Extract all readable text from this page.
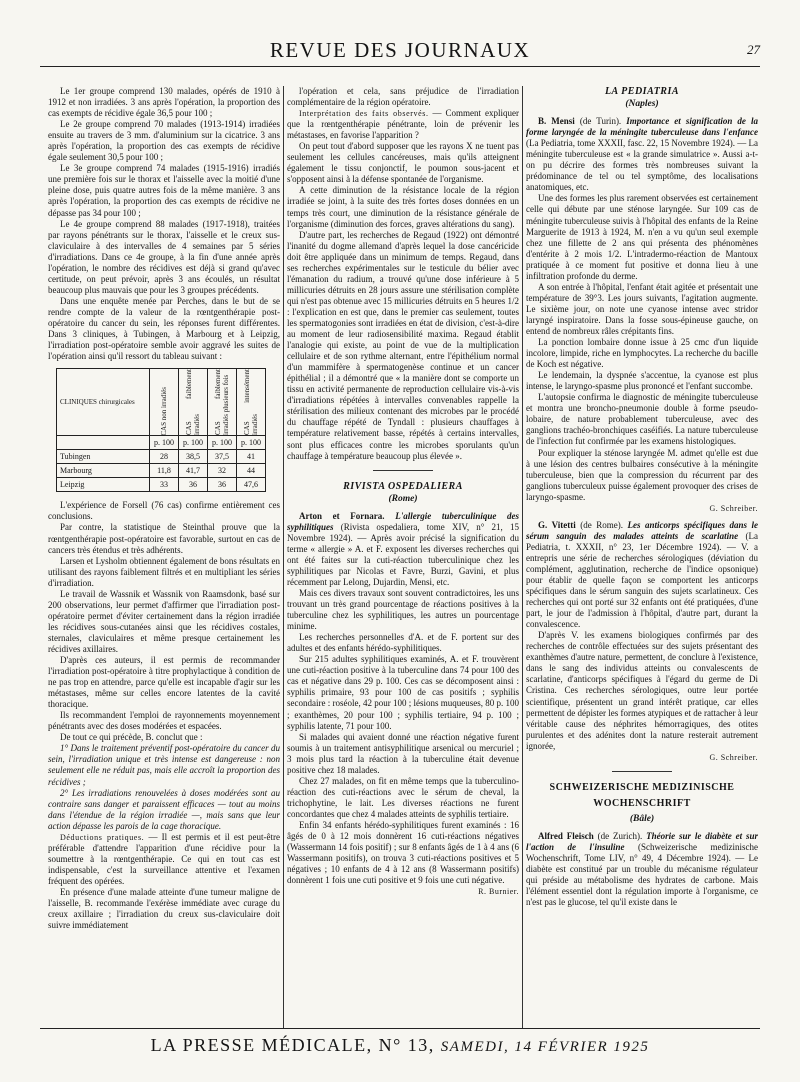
REVUE DES JOURNAUX	27

Le 1er groupe comprend 130 malades, opérés de 1910 à 1912 et non irradiées. 3 ans après l'opération, la proportion des cas exempts de récidive égale 36,5 pour 100 ;

Le 2e groupe comprend 70 malades (1913-1914) irradiées ensuite au travers de 3 mm. d'aluminium sur la cicatrice. 3 ans après l'opération, la proportion des cas exempts de récidive égale seulement 30,5 pour 100 ;

Le 3e groupe comprend 74 malades (1915-1916) irradiés une première fois sur le thorax et l'aisselle avec la moitié d'une pleine dose, puis quatre autres fois de la même manière. 3 ans après l'opération, la proportion des cas exempts de récidive ne dépasse pas 34 pour 100 ;

Le 4e groupe comprend 88 malades (1917-1918), traitées par rayons pénétrants sur le thorax, l'aisselle et le creux sus-claviculaire à des intervalles de 4 semaines par 5 séries d'irradiations. Dans ce 4e groupe, à la fin d'une année après l'opération, le nombre des récidives est déjà si grand qu'avec certitude, on peut prévoir, après 3 ans écoulés, un résultat beaucoup plus mauvais que pour les 3 groupes précédents.

Dans une enquête menée par Perches, dans le but de se rendre compte de la valeur de la rœntgenthérapie post-opératoire du cancer du sein, les réponses furent différentes. Dans 3 cliniques, à Tubingen, à Marbourg et à Leipzig, l'irradiation post-opératoire semble avoir aggravé les suites de l'opération ainsi qu'il ressort du tableau suivant :

CLINIQUES chirurgicales	CAS non irradiés	CAS faiblement irradiés	CAS faiblement irradiés plusieurs fois	CAS intensément irradiés

	p. 100	p. 100	p. 100	p. 100
Tubingen	28	38,5	37,5	41
Marbourg	11,8	41,7	32	44
Leipzig	33	36	36	47,6

L'expérience de Forsell (76 cas) confirme entièrement ces conclusions.

Par contre, la statistique de Steinthal prouve que la rœntgenthérapie post-opératoire est favorable, surtout en cas de cancers très étendus et très adhérents.

Larsen et Lysholm obtiennent également de bons résultats en utilisant des rayons faiblement filtrés et en multipliant les séries d'irradiation.

Le travail de Wassnik et Wassnik von Raamsdonk, basé sur 200 observations, leur permet d'affirmer que l'irradiation post-opératoire permet d'éviter certainement dans la région irradiée les récidives sous-cutanées ainsi que les récidives costales, sternales, claviculaires et même presque certainement les récidives axillaires.

D'après ces auteurs, il est permis de recommander l'irradiation post-opératoire à titre prophylactique à condition de ne pas trop en attendre, parce qu'elle est incapable d'agir sur les métastases, même sur celles encore latentes de la cavité thoracique.

Ils recommandent l'emploi de rayonnements moyennement pénétrants avec des doses modérées et espacées.

De tout ce qui précède, B. conclut que :

1° Dans le traitement préventif post-opératoire du cancer du sein, l'irradiation unique et très intense est dangereuse : non seulement elle ne réduit pas, mais elle accroît la proportion des récidives ;

2° Les irradiations renouvelées à doses modérées sont au contraire sans danger et paraissent efficaces — tout au moins dans l'étendue de la région irradiée —, mais sans que leur action dépasse les parois de la cage thoracique.

Déductions pratiques. — Il est permis et il est peut-être préférable d'attendre l'apparition d'une récidive pour la soumettre à la rœntgenthérapie. Ce qui en tout cas est indispensable, c'est la surveillance attentive et l'examen fréquent des opérées.

En présence d'une malade atteinte d'une tumeur maligne de l'aisselle, B. recommande l'exérèse immédiate avec curage du creux axillaire ; l'irradiation du creux sus-claviculaire doit suivre immédiatement

l'opération et cela, sans préjudice de l'irradiation complémentaire de la région opératoire.

Interprétation des faits observés. — Comment expliquer que la rœntgenthérapie pénétrante, loin de prévenir les métastases, en favorise l'apparition ?

On peut tout d'abord supposer que les rayons X ne tuent pas seulement les cellules cancéreuses, mais qu'ils atteignent également le tissu conjonctif, le poumon sous-jacent et s'opposent ainsi à la défense spontanée de l'organisme.

A cette diminution de la résistance locale de la région irradiée se joint, à la suite des très fortes doses données en un temps très court, une diminution de la résistance générale de l'organisme (diminution des forces, graves altérations du sang).

D'autre part, les recherches de Regaud (1922) ont démontré l'inanité du dogme allemand d'après lequel la dose cancéricide doit être appliquée dans un minimum de temps. Regaud, dans ses recherches expérimentales sur le testicule du bélier avec l'émanation du radium, a trouvé qu'une dose inférieure à 5 millicuries détruits en 28 jours assure une stérilisation complète qui n'est pas obtenue avec 15 millicuries détruits en 5 heures 1/2 : l'explication en est que, dans le premier cas seulement, toutes les spermatogonies sont irradiées en état de division, c'est-à-dire au moment de leur radiosensibilité maxima. Regaud établit l'analogie qui existe, au point de vue de la multiplication cellulaire et de son rythme alternant, entre l'épithélium normal d'un mammifère à spermatogenèse continue et un cancer épithélial ; il a démontré que « la manière dont se comporte un tissu en activité permanente de reproduction cellulaire vis-à-vis d'irradiations répétées à intervalles convenables rappelle la stérilisation des milieux contenant des microbes par le procédé du chauffage répété de Tyndall : plusieurs chauffages à température relativement basse, répétés à certains intervalles, sont plus efficaces contre les microbes sporulants qu'un chauffage à température beaucoup plus élevée ».

RIVISTA OSPEDALIERA
(Rome)

Arton et Fornara. L'allergie tuberculinique des syphilitiques (Rivista ospedaliera, tome XIV, n° 21, 15 Novembre 1924). — Après avoir précisé la signification du terme « allergie » A. et F. exposent les diverses recherches qui ont été faites sur la cuti-réaction tuberculinique chez les syphilitiques par Nicolas et Favre, Burzi, Gavini, et plus récemment par Lelong, Dujardin, Mensi, etc.

Mais ces divers travaux sont souvent contradictoires, les uns trouvant un très grand pourcentage de réactions positives à la tuberculine chez les syphilitiques, les autres un pourcentage minime.

Les recherches personnelles d'A. et de F. portent sur des adultes et des enfants hérédo-syphilitiques.

Sur 215 adultes syphilitiques examinés, A. et F. trouvèrent une cuti-réaction positive à la tuberculine dans 74 pour 100 des cas et négative dans 29 p. 100. Ces cas se décomposent ainsi : syphilis primaire, 93 pour 100 de cas positifs ; syphilis secondaire : roséole, 42 pour 100 ; lésions muqueuses, 80 p. 100 ; exanthèmes, 20 pour 100 ; syphilis tertiaire, 94 p. 100 ; syphilis latente, 71 pour 100.

Si malades qui avaient donné une réaction négative furent soumis à un traitement antisyphilitique arsenical ou mercuriel ; 3 mois plus tard la réaction à la tuberculine était devenue positive chez 18 malades.

Chez 27 malades, on fit en même temps que la tuberculino-réaction des cuti-réactions avec le sérum de cheval, la trichophytine, le lait. Les diverses réactions ne furent concordantes que chez 4 malades atteints de syphilis tertiaire.

Enfin 34 enfants hérédo-syphilitiques furent examinés : 16 âgés de 0 à 12 mois donnèrent 16 cuti-réactions négatives (Wassermann 14 fois positif) ; sur 8 enfants âgés de 1 à 4 ans (6 Wassermann positifs), on trouva 3 cuti-réactions positives et 5 négatives ; 10 enfants de 4 à 12 ans (8 Wassermann positifs) donnèrent 1 fois une cuti positive et 9 fois une cuti négative.

R. Burnier.

LA PEDIATRIA
(Naples)

B. Mensi (de Turin). Importance et signification de la forme laryngée de la méningite tuberculeuse dans l'enfance (La Pediatria, tome XXXII, fasc. 22, 15 Novembre 1924). — La méningite tuberculeuse est « la grande simulatrice ». Aussi a-t-on pu décrire des formes très nombreuses suivant la prédominance de tel ou tel symptôme, des localisations anatomiques, etc.

Une des formes les plus rarement observées est certainement celle qui débute par une sténose laryngée. Sur 109 cas de méningite tuberculeuse suivis à l'hôpital des enfants de la Reine Marguerite de 1913 à 1924, M. n'en a vu qu'un seul exemple chez une fillette de 2 ans qui présenta des phénomènes d'entérite à 2 mois 1/2. L'intradermo-réaction de Mantoux pratiquée à ce moment fut positive et donna lieu à une infiltration profonde du derme.

A son entrée à l'hôpital, l'enfant était agitée et présentait une température de 39°3. Les jours suivants, l'agitation augmente. Le sixième jour, on note une cyanose intense avec stridor laryngé inspiratoire. Dans la fosse sous-épineuse gauche, on entend de nombreux râles crépitants fins.

La ponction lombaire donne issue à 25 cmc d'un liquide incolore, limpide, riche en lymphocytes. La recherche du bacille de Koch est négative.

Le lendemain, la dyspnée s'accentue, la cyanose est plus intense, le laryngo-spasme plus prononcé et l'enfant succombe.

L'autopsie confirma le diagnostic de méningite tuberculeuse et montra une broncho-pneumonie double à forme pseudo-lobaire, de nature probablement tuberculeuse, avec des ganglions trachéo-bronchiques caséifiés. La nature tuberculeuse de l'infection fut confirmée par les examens histologiques.

Pour expliquer la sténose laryngée M. admet qu'elle est due à une lésion des centres bulbaires consécutive à la méningite tuberculeuse, bien que la compression du récurrent par des ganglions tuberculeux puisse également provoquer des crises de laryngo-spasme.

G. Schreiber.

G. Vitetti (de Rome). Les anticorps spécifiques dans le sérum sanguin des malades atteints de scarlatine (La Pediatria, t. XXXII, n° 23, 1er Décembre 1924). — V. a entrepris une série de recherches sérologiques (déviation du complément, agglutination, recherche de l'indice opsonique) pour établir de quelle façon se comportent les anticorps spécifiques dans le sérum sanguin des sujets scarlatineux. Ces recherches qui ont porté sur 32 enfants ont été pratiquées, d'une part, le jour de l'admission à l'hôpital, d'autre part, durant la convalescence.

D'après V. les examens biologiques confirmés par des recherches de contrôle effectuées sur des sujets présentant des exanthèmes d'autre nature, permettent, de conclure à l'existence, dans le sang des individus atteints ou convalescents de scarlatine, d'anticorps spécifiques à l'égard du germe de Di Cristina. Ces recherches sérologiques, outre leur portée scientifique, présentent un grand intérêt pratique, car elles permettent de dépister les formes atypiques et de rattacher à leur véritable cause des néphrites hémorragiques, des otites purulentes et des adénites dont la nature resterait autrement ignorée,

G. Schreiber.

SCHWEIZERISCHE MEDIZINISCHE WOCHENSCHRIFT
(Bâle)

Alfred Fleisch (de Zurich). Théorie sur le diabète et sur l'action de l'insuline (Schweizerische medizinische Wochenschrift, Tome LIV, n° 49, 4 Décembre 1924). — Le diabète est constitué par un trouble du mécanisme régulateur qui préside au métabolisme des hydrates de carbone. Mais l'élément essentiel dont la régulation importe à l'organisme, ce n'est pas le glucose, tel qu'il existe dans le

LA PRESSE MÉDICALE, N° 13, SAMEDI, 14 FÉVRIER 1925
